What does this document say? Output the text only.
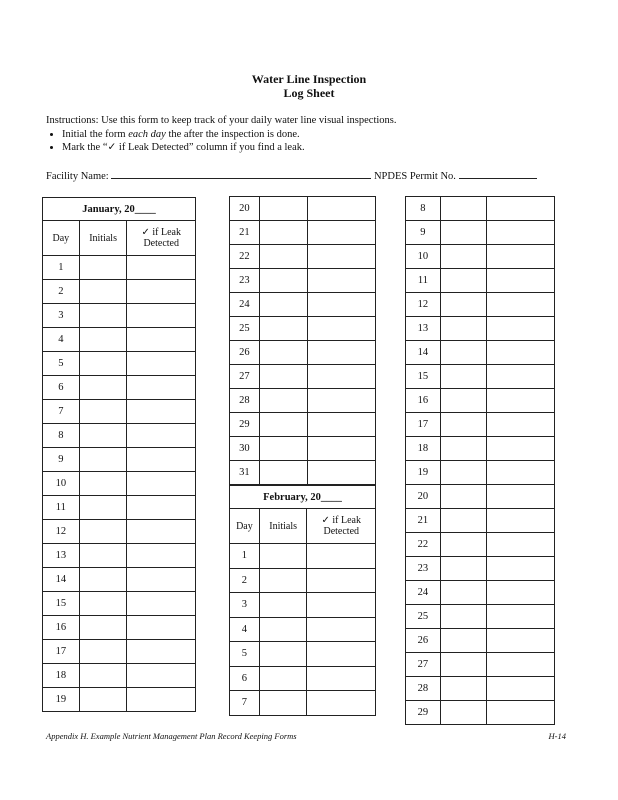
Water Line Inspection
Log Sheet
Instructions: Use this form to keep track of your daily water line visual inspections.
• Initial the form each day the after the inspection is done.
• Mark the “✓ if Leak Detected” column if you find a leak.
Facility Name:	NPDES Permit No.
January, 20____		
Day	Initials	✓ if Leak Detected
1		
2		
3		
4		
5		
6		
7		
8		
9		
10		
11		
12		
13		
14		
15		
16		
17		
18		
19		
20		
21		
22		
23		
24		
25		
26		
27		
28		
29		
30		
31		
February, 20____		
Day	Initials	✓ if Leak Detected
1		
2		
3		
4		
5		
6		
7		
8		
9		
10		
11		
12		
13		
14		
15		
16		
17		
18		
19		
20		
21		
22		
23		
24		
25		
26		
27		
28		
29		
Appendix H. Example Nutrient Management Plan Record Keeping Forms	H-14
